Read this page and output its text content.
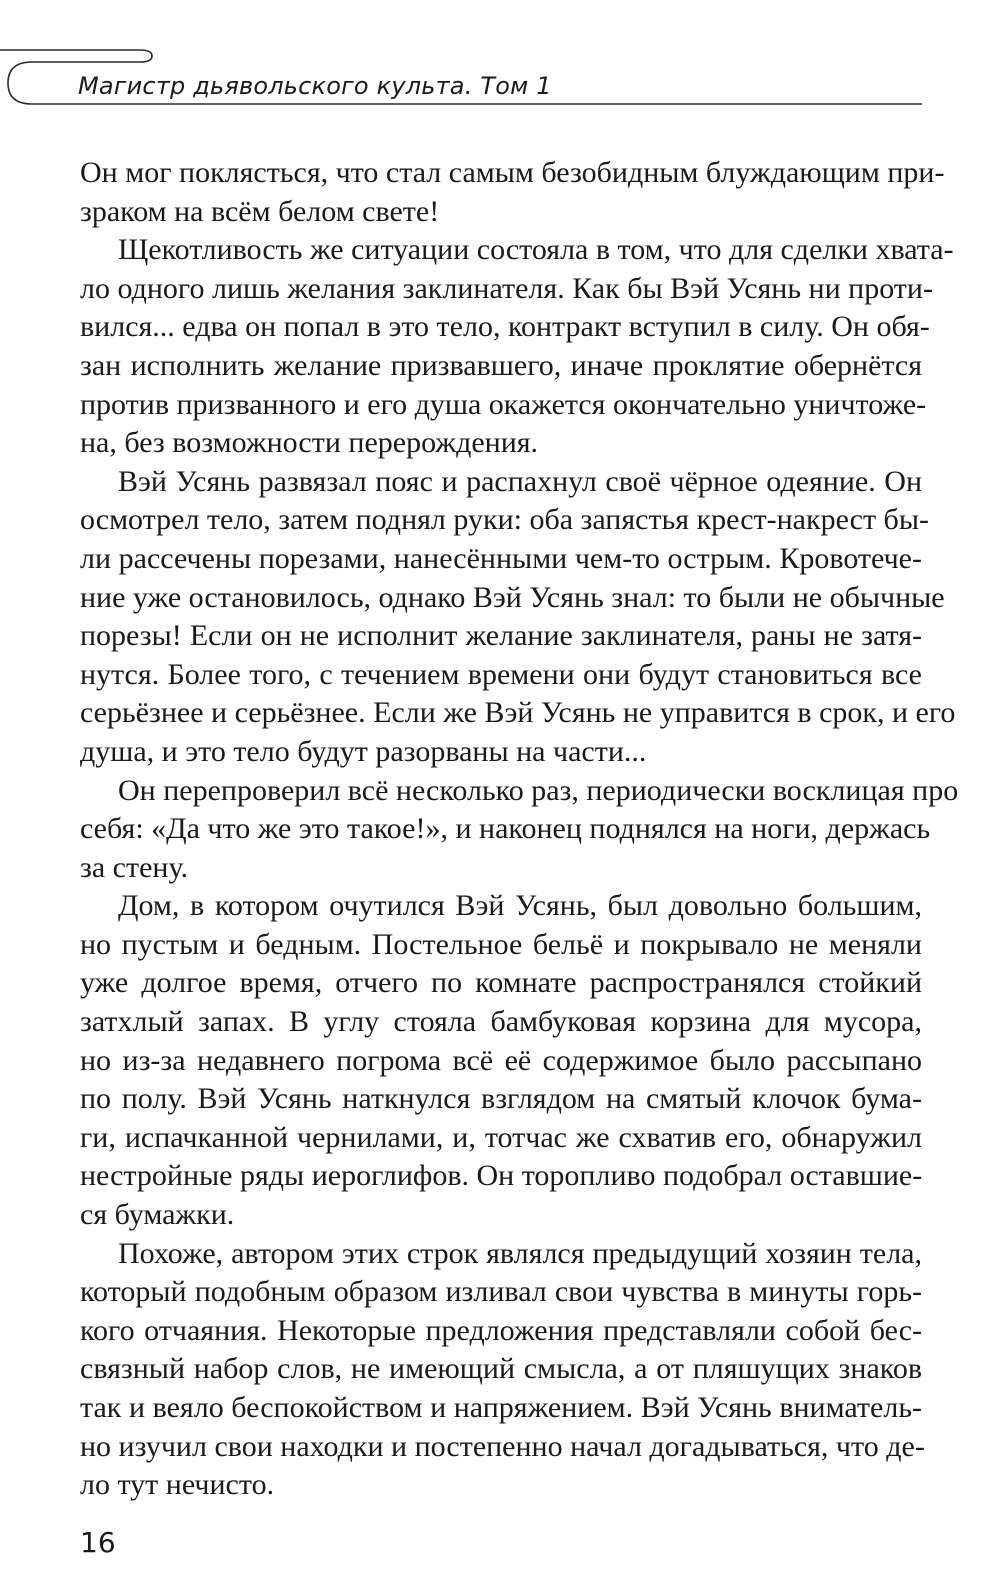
Магистр дьявольского культа. Том 1
Он мог поклясться, что стал самым безобидным блуждающим при-
зраком на всём белом свете!
Щекотливость же ситуации состояла в том, что для сделки хвата-
ло одного лишь желания заклинателя. Как бы Вэй Усянь ни проти-
вился... едва он попал в это тело, контракт вступил в силу. Он обя-
зан исполнить желание призвавшего, иначе проклятие обернётся
против призванного и его душа окажется окончательно уничтоже-
на, без возможности перерождения.
Вэй Усянь развязал пояс и распахнул своё чёрное одеяние. Он
осмотрел тело, затем поднял руки: оба запястья крест-накрест бы-
ли рассечены порезами, нанесёнными чем-то острым. Кровотече-
ние уже остановилось, однако Вэй Усянь знал: то были не обычные
порезы! Если он не исполнит желание заклинателя, раны не затя-
нутся. Более того, с течением времени они будут становиться все
серьёзнее и серьёзнее. Если же Вэй Усянь не управится в срок, и его
душа, и это тело будут разорваны на части...
Он перепроверил всё несколько раз, периодически восклицая про
себя: «Да что же это такое!», и наконец поднялся на ноги, держась
за стену.
Дом, в котором очутился Вэй Усянь, был довольно большим,
но пустым и бедным. Постельное бельё и покрывало не меняли
уже долгое время, отчего по комнате распространялся стойкий
затхлый запах. В углу стояла бамбуковая корзина для мусора,
но из-за недавнего погрома всё её содержимое было рассыпано
по полу. Вэй Усянь наткнулся взглядом на смятый клочок бума-
ги, испачканной чернилами, и, тотчас же схватив его, обнаружил
нестройные ряды иероглифов. Он торопливо подобрал оставшие-
ся бумажки.
Похоже, автором этих строк являлся предыдущий хозяин тела,
который подобным образом изливал свои чувства в минуты горь-
кого отчаяния. Некоторые предложения представляли собой бес-
связный набор слов, не имеющий смысла, а от пляшущих знаков
так и веяло беспокойством и напряжением. Вэй Усянь вниматель-
но изучил свои находки и постепенно начал догадываться, что де-
ло тут нечисто.
16
